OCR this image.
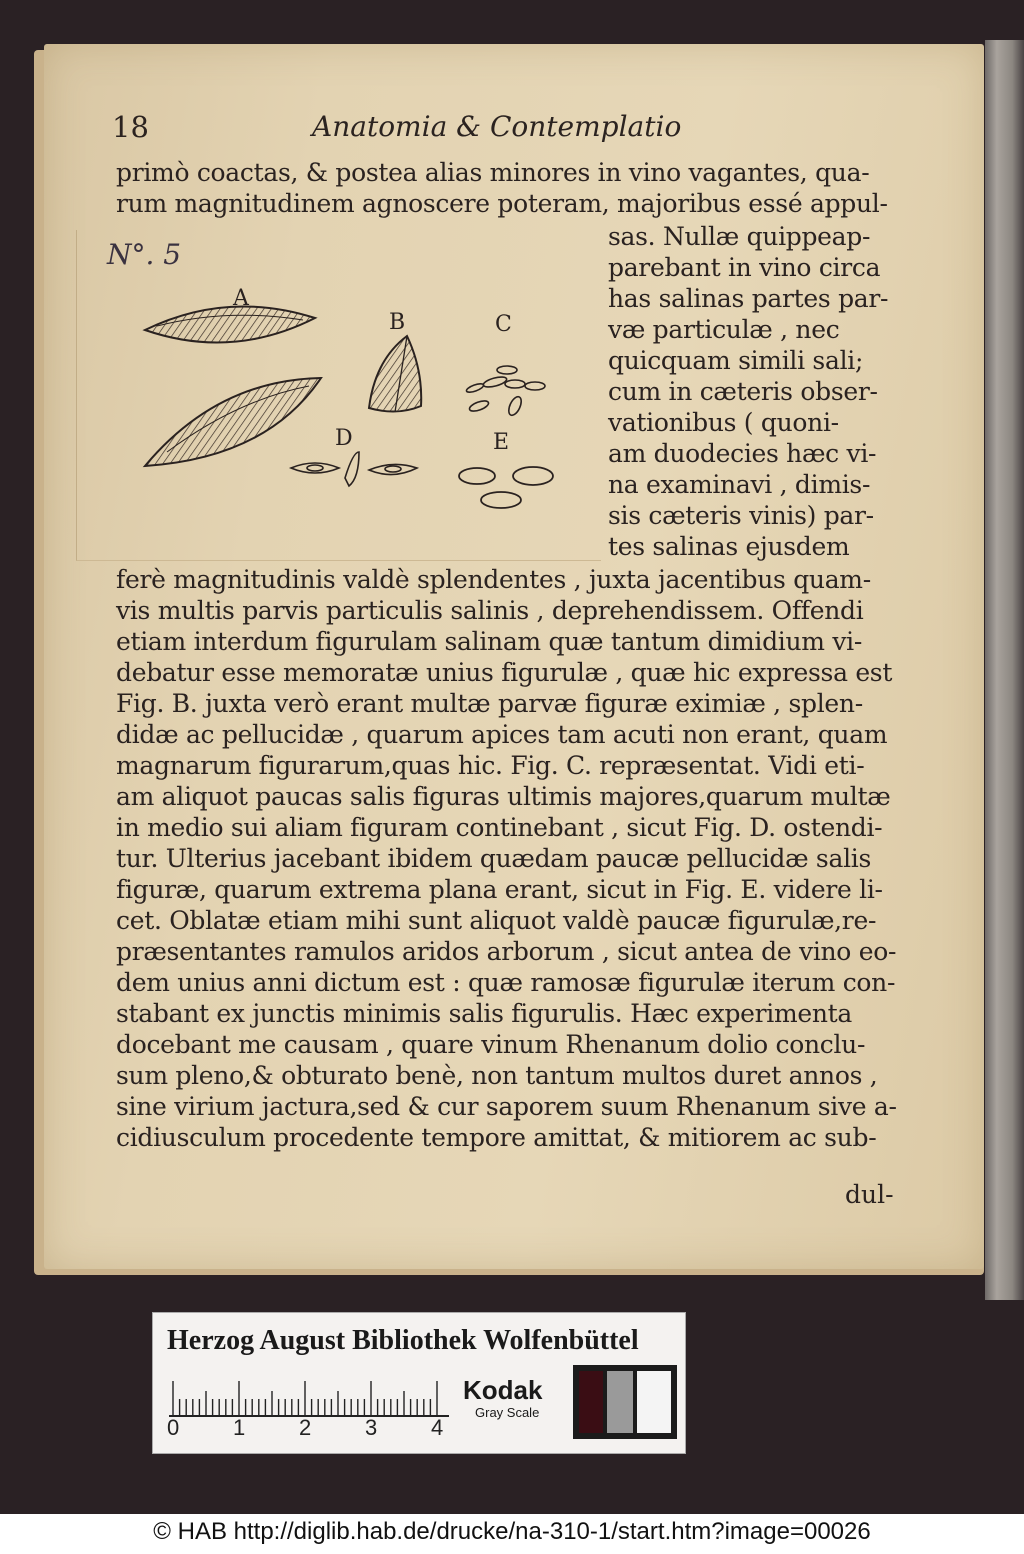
18	Anatomia & Contemplatio
primò coactas, & postea alias minores in vino vagantes, qua-
rum magnitudinem agnoscere poteram, majoribus essé appul-
N°. 5
A
B	C
D	E
sas. Nullæ quippeap-
parebant in vino circa
has salinas partes par-
væ particulæ , nec
quicquam simili sali;
cum in cæteris obser-
vationibus ( quoni-
am duodecies hæc vi-
na examinavi , dimis-
sis cæteris vinis) par-
tes salinas ejusdem
ferè magnitudinis valdè splendentes , juxta jacentibus quam-
vis multis parvis particulis salinis , deprehendissem. Offendi
etiam interdum figurulam salinam quæ tantum dimidium vi-
debatur esse memoratæ unius figurulæ , quæ hic expressa est
Fig. B. juxta verò erant multæ parvæ figuræ eximiæ , splen-
didæ ac pellucidæ , quarum apices tam acuti non erant, quam
magnarum figurarum,quas hic. Fig. C. repræsentat. Vidi eti-
am aliquot paucas salis figuras ultimis majores,quarum multæ
in medio sui aliam figuram continebant , sicut Fig. D. ostendi-
tur. Ulterius jacebant ibidem quædam paucæ pellucidæ salis
figuræ, quarum extrema plana erant, sicut in Fig. E. videre li-
cet. Oblatæ etiam mihi sunt aliquot valdè paucæ figurulæ,re-
præsentantes ramulos aridos arborum , sicut antea de vino eo-
dem unius anni dictum est : quæ ramosæ figurulæ iterum con-
stabant ex junctis minimis salis figurulis. Hæc experimenta
docebant me causam , quare vinum Rhenanum dolio conclu-
sum pleno,& obturato benè, non tantum multos duret annos ,
sine virium jactura,sed & cur saporem suum Rhenanum sive a-
cidiusculum procedente tempore amittat, & mitiorem ac sub-
dul-
Herzog August Bibliothek Wolfenbüttel
0 1 2 3 4
Kodak
Gray Scale
© HAB http://diglib.hab.de/drucke/na-310-1/start.htm?image=00026
